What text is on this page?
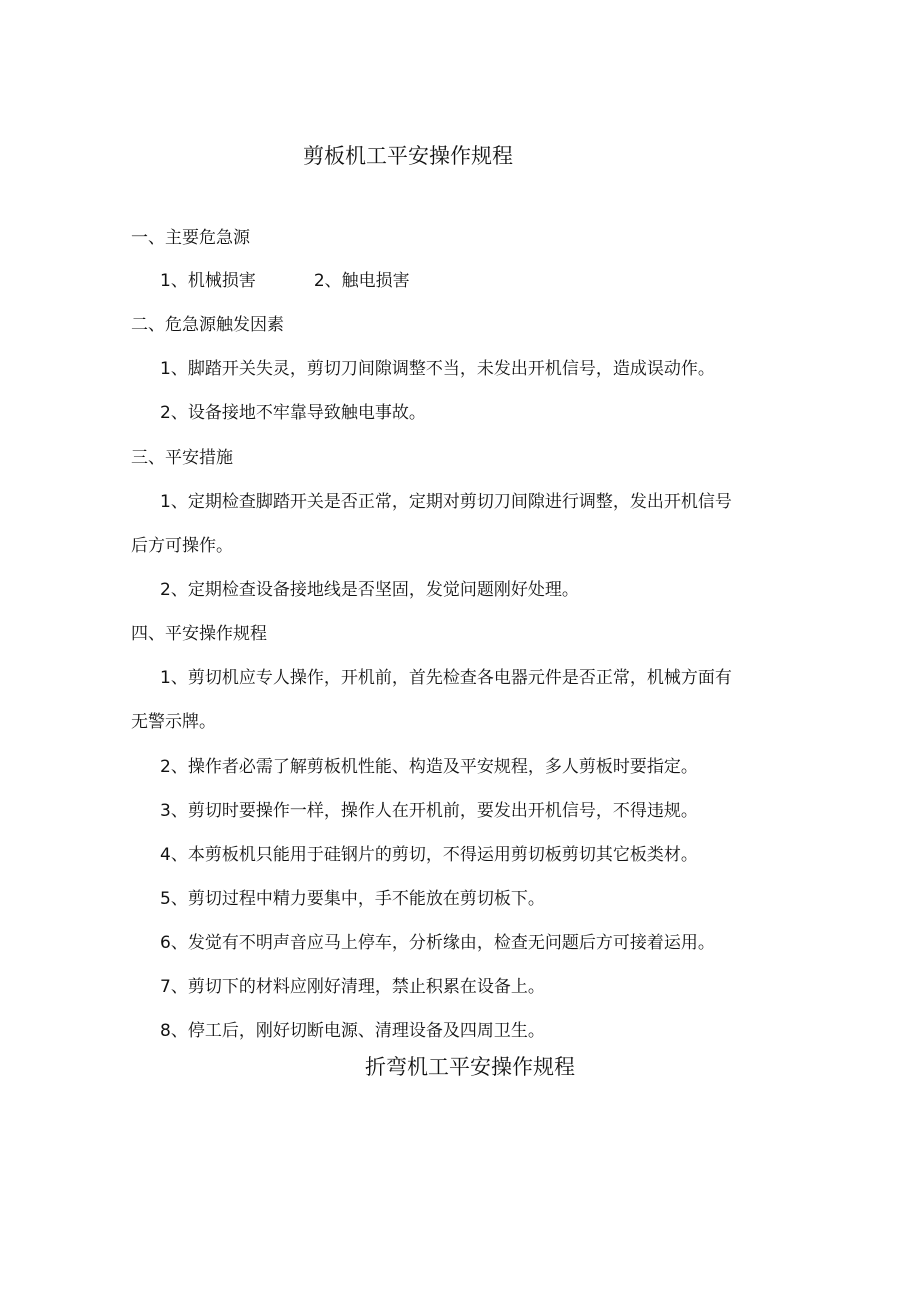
剪板机工平安操作规程
一、主要危急源
1、机械损害	2、触电损害
二、危急源触发因素
1、脚踏开关失灵，剪切刀间隙调整不当，未发出开机信号，造成误动作。
2、设备接地不牢靠导致触电事故。
三、平安措施
1、定期检查脚踏开关是否正常，定期对剪切刀间隙进行调整，发出开机信号
后方可操作。
2、定期检查设备接地线是否坚固，发觉问题刚好处理。
四、平安操作规程
1、剪切机应专人操作，开机前，首先检查各电器元件是否正常，机械方面有
无警示牌。
2、操作者必需了解剪板机性能、构造及平安规程，多人剪板时要指定。
3、剪切时要操作一样，操作人在开机前，要发出开机信号，不得违规。
4、本剪板机只能用于硅钢片的剪切，不得运用剪切板剪切其它板类材。
5、剪切过程中精力要集中，手不能放在剪切板下。
6、发觉有不明声音应马上停车，分析缘由，检查无问题后方可接着运用。
7、剪切下的材料应刚好清理，禁止积累在设备上。
8、停工后，刚好切断电源、清理设备及四周卫生。
折弯机工平安操作规程
